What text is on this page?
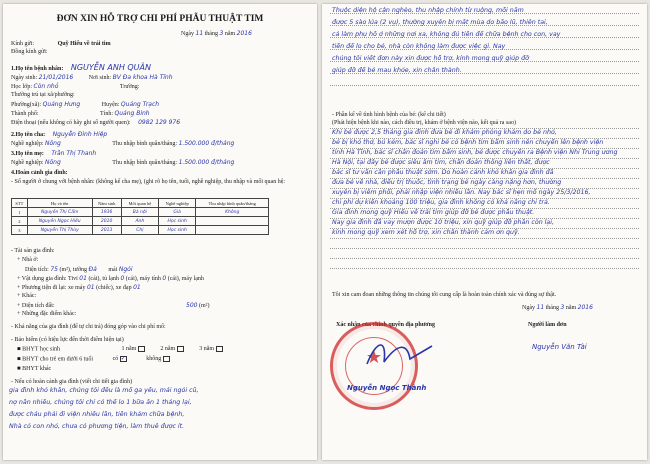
ĐƠN XIN HỖ TRỢ CHI PHÍ PHẪU THUẬT TIM
Ngày 11 tháng 3 năm 2016
Kính gửi:	Quỹ Hiểu về trái tim
Đồng kính gửi:
1.Họ tên bệnh nhân: NGUYỄN ANH QUÂN
Ngày sinh: 21/01/2016	Nơi sinh: BV Đa khoa Hà Tĩnh
Học lớp: Còn nhỏ	Trường:
Thường trú tại xã/phường:
Phường(xã): Quảng Hưng	Huyện: Quảng Trạch
Thành phố:	Tỉnh: Quảng Bình
Điện thoại (nếu không có hãy ghi số người quen): 0982 129 976
2.Họ tên cha: Nguyễn Đình Hiệp
Nghề nghiệp: Nông	Thu nhập bình quân/tháng: 1.500.000 đ/tháng
3.Họ tên mẹ: Trần Thị Thanh
Nghề nghiệp: Nông	Thu nhập bình quân/tháng: 1.500.000 đ/tháng
4.Hoàn cảnh gia đình:
- Số người ở chung với bệnh nhân: (không kể cha mẹ), (ghi rõ họ tên, tuổi, nghề nghiệp, thu nhập và mối quan hệ:
STT	Họ và tên	Năm sinh	Mối quan hệ	Nghề nghiệp	Thu nhập bình quân/tháng
1	Nguyễn Thị Cẩm	1936	Bà nội	Già	Không
2	Nguyễn Ngọc Hiếu	2010	Anh	Học sinh	
3	Nguyễn Thị Thùy	2013	Chị	Học sinh	
- Tài sản gia đình:
+ Nhà ở:
Diện tích: 75 (m²), tường Đá mái Ngói
+ Vật dụng gia đình: Tivi 01 (cái), tủ lạnh 0 (cái), máy tính 0 (cái), máy lạnh
+ Phương tiện đi lại: xe máy 01 (chiếc), xe đạp 01
+ Khác:
+ Diện tích đất:	500 (m²)
+ Những đặc điểm khác:
- Khả năng của gia đình (để tự chi trả) đóng góp vào chi phí mổ:
- Bảo hiểm (có hiệu lực đến thời điểm hiện tại)
■ BHYT học sinh	1 năm	2 năm	3 năm
■ BHYT cho trẻ em dưới 6 tuổi	có ✓	không
■ BHYT khác
- Nếu có hoàn cảnh gia đình (viết chi tiết gia đình)
gia đình khó khăn, chúng tôi đều là mổ ga yếu, mái ngói cũ,
nợ nần nhiều, chúng tôi chỉ có thể lo 1 bữa ăn 1 tháng lại,
được cháu phải đi viện nhiều lần, tiền khám chữa bệnh,
Nhà có con nhỏ, chưa có phương tiện, làm thuê được ít.
Thuộc diện hộ cận nghèo, thu nhập chính từ ruộng, mỗi năm
được 5 sào lúa (2 vụ), thường xuyên bị mất mùa do bão lũ, thiên tai,
cả làm phụ hồ ở những nơi xa, không đủ tiền để chữa bệnh cho con, vay
tiền để lo cho bé, nhà còn không làm được việc gì. Nay
chúng tôi viết đơn này xin được hỗ trợ, kính mong quỹ giúp đỡ
giúp đỡ để bé mau khỏe, xin chân thành.
- Phần kể về tình hình bệnh của bé: (kể chi tiết)
(Phát hiện bệnh khi nào, cách điều trị, khám ở bệnh viện nào, kết quả ra sao)
Khi bé được 2,5 tháng gia đình đưa bé đi khám phòng khám do bé nhỏ,
bé bị khó thở, bú kém, bác sĩ nghi bé có bệnh tim bẩm sinh nên chuyển lên bệnh viện
tỉnh Hà Tĩnh, bác sĩ chẩn đoán tim bẩm sinh, bé được chuyển ra Bệnh viện Nhi Trung ương
Hà Nội, tại đây bé được siêu âm tim, chẩn đoán thông liên thất, được
bác sĩ tư vấn cần phẫu thuật sớm. Do hoàn cảnh khó khăn gia đình đã
đưa bé về nhà, điều trị thuốc, tình trạng bé ngày càng nặng hơn, thường
xuyên bị viêm phổi, phải nhập viện nhiều lần. Nay bác sĩ hẹn mổ ngày 25/3/2016,
chi phí dự kiến khoảng 100 triệu, gia đình không có khả năng chi trả.
Gia đình mong quỹ Hiểu về trái tim giúp đỡ bé được phẫu thuật.
Nay gia đình đã vay mượn được 10 triệu, xin quỹ giúp đỡ phần còn lại,
kính mong quỹ xem xét hỗ trợ, xin chân thành cảm ơn quỹ.
Tôi xin cam đoan những thông tin chúng tôi cung cấp là hoàn toàn chính xác và đúng sự thật.
Ngày 11 tháng 3 năm 2016
Xác nhận của chính quyền địa phương	Người làm đơn
★
Nguyễn Ngọc Thành
Nguyễn Văn Tài
